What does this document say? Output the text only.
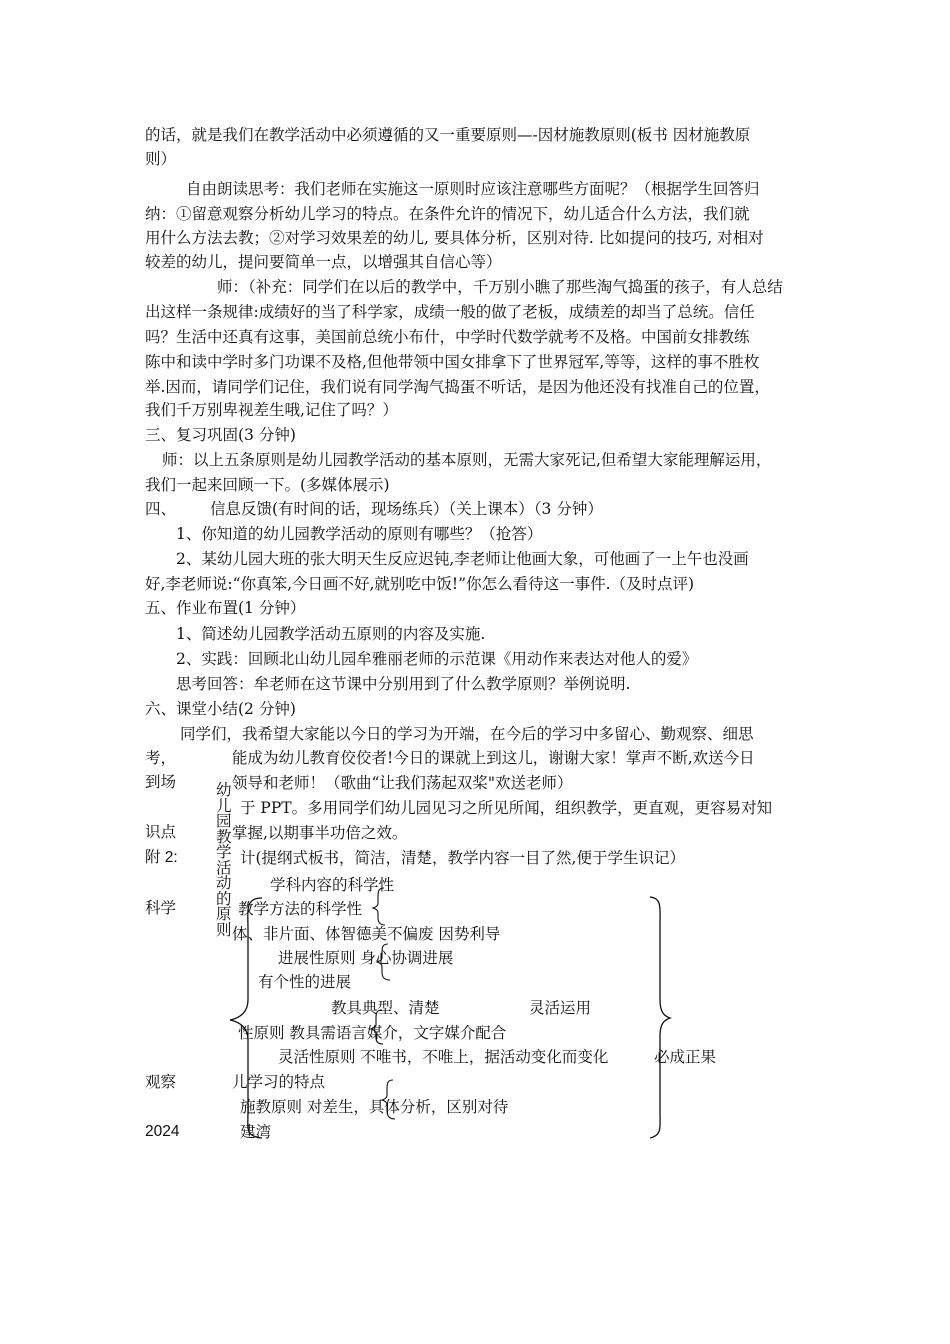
的话，就是我们在教学活动中必须遵循的又一重要原则—-因材施教原则(板书 因材施教原
则）
自由朗读思考：我们老师在实施这一原则时应该注意哪些方面呢？（根据学生回答归
纳：①留意观察分析幼儿学习的特点。在条件允许的情况下，幼儿适合什么方法，我们就
用什么方法去教；②对学习效果差的幼儿, 要具体分析，区别对待. 比如提问的技巧, 对相对
较差的幼儿，提问要简单一点，以增强其自信心等）
师：（补充：同学们在以后的教学中，千万别小瞧了那些淘气捣蛋的孩子，有人总结
出这样一条规律:成绩好的当了科学家，成绩一般的做了老板，成绩差的却当了总统。信任
吗？生活中还真有这事，美国前总统小布什，中学时代数学就考不及格。中国前女排教练
陈中和读中学时多门功课不及格,但他带领中国女排拿下了世界冠军,等等，这样的事不胜枚
举.因而，请同学们记住，我们说有同学淘气捣蛋不听话，是因为他还没有找准自己的位置，
我们千万别卑视差生哦,记住了吗？）
三、复习巩固(3 分钟)
师：以上五条原则是幼儿园教学活动的基本原则，无需大家死记,但希望大家能理解运用，
我们一起来回顾一下。(多媒体展示)
四、 信息反馈(有时间的话，现场练兵）（关上课本）（3 分钟）
1、你知道的幼儿园教学活动的原则有哪些？（抢答）
2、某幼儿园大班的张大明天生反应迟钝,李老师让他画大象，可他画了一上午也没画
好,李老师说:“你真笨,今日画不好,就别吃中饭!”你怎么看待这一事件.（及时点评)
五、作业布置(1 分钟）
1、简述幼儿园教学活动五原则的内容及实施.
2、实践：回顾北山幼儿园牟雅丽老师的示范课《用动作来表达对他人的爱》
思考回答：牟老师在这节课中分别用到了什么教学原则？举例说明.
六、课堂小结(2 分钟)
同学们，我希望大家能以今日的学习为开端，在今后的学习中多留心、勤观察、细思
考，	能成为幼儿教育佼佼者!今日的课就上到这儿，谢谢大家！掌声不断,欢送今日
到场	领导和老师！（歌曲“让我们荡起双桨"欢送老师）
于 PPT。多用同学们幼儿园见习之所见所闻，组织教学，更直观，更容易对知
识点	掌握,以期事半功倍之效。
附 2:	计(提纲式板书，简洁，清楚，教学内容一目了然,便于学生识记）
幼儿园教学活动的原则
学科内容的科学性
科学	教学方法的科学性
体、非片面、体智德美不偏废 因势利导
进展性原则 身心协调进展
有个性的进展
教具典型、清楚	灵活运用
性原则 教具需语言媒介，文字媒介配合
灵活性原则 不唯书，不唯上，据活动变化而变化	必成正果
观察	儿学习的特点
施教原则 对差生，具体分析，区别对待
2024	建湾
